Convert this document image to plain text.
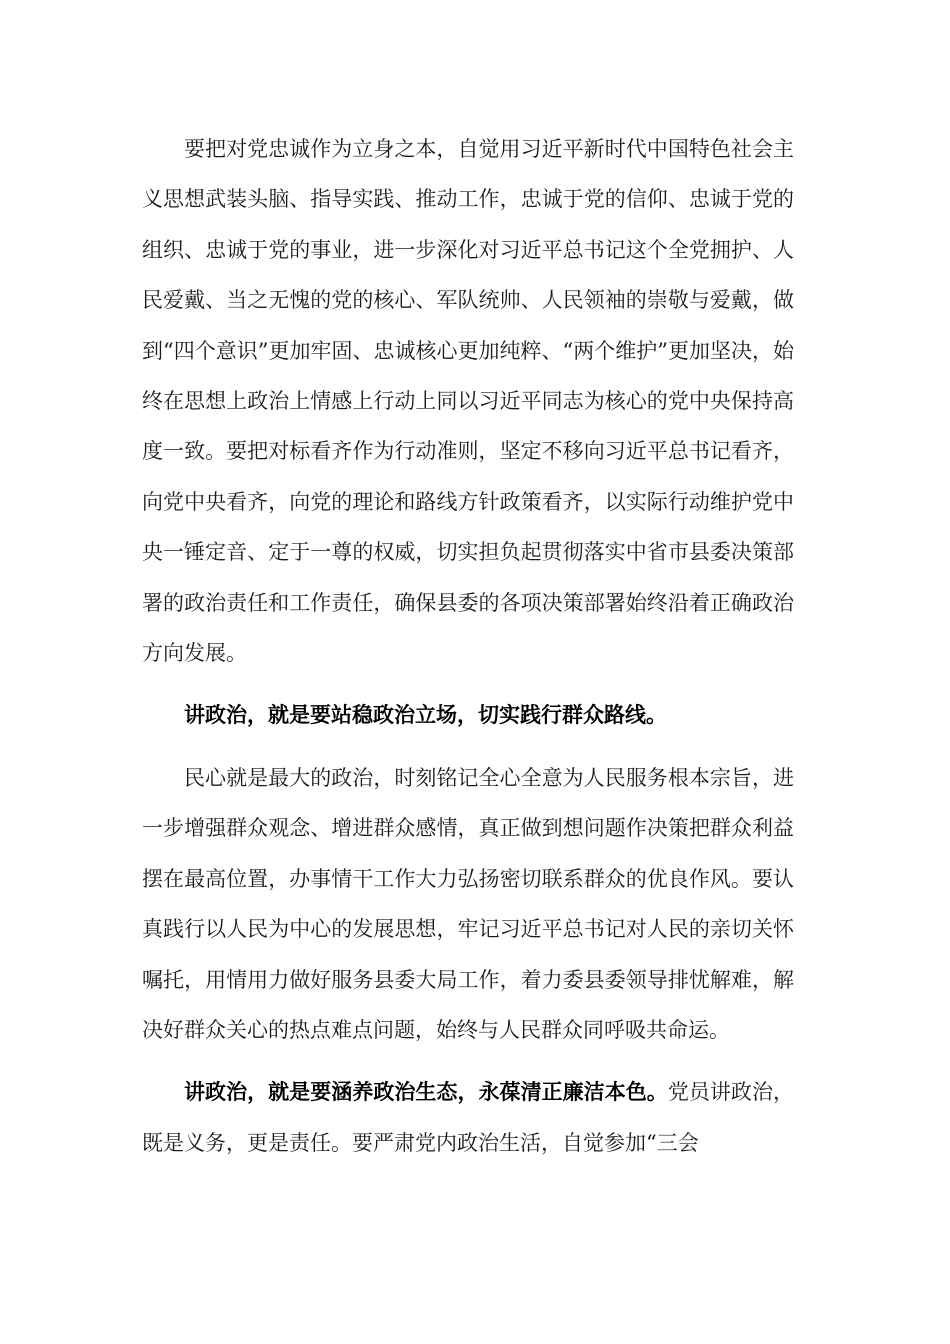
要把对党忠诚作为立身之本，自觉用习近平新时代中国特色社会主义思想武装头脑、指导实践、推动工作，忠诚于党的信仰、忠诚于党的组织、忠诚于党的事业，进一步深化对习近平总书记这个全党拥护、人民爱戴、当之无愧的党的核心、军队统帅、人民领袖的崇敬与爱戴，做到“四个意识”更加牢固、忠诚核心更加纯粹、“两个维护”更加坚决，始终在思想上政治上情感上行动上同以习近平同志为核心的党中央保持高度一致。要把对标看齐作为行动准则，坚定不移向习近平总书记看齐，向党中央看齐，向党的理论和路线方针政策看齐，以实际行动维护党中央一锤定音、定于一尊的权威，切实担负起贯彻落实中省市县委决策部署的政治责任和工作责任，确保县委的各项决策部署始终沿着正确政治方向发展。

讲政治，就是要站稳政治立场，切实践行群众路线。

民心就是最大的政治，时刻铭记全心全意为人民服务根本宗旨，进一步增强群众观念、增进群众感情，真正做到想问题作决策把群众利益摆在最高位置，办事情干工作大力弘扬密切联系群众的优良作风。要认真践行以人民为中心的发展思想，牢记习近平总书记对人民的亲切关怀嘱托，用情用力做好服务县委大局工作，着力委县委领导排忧解难，解决好群众关心的热点难点问题，始终与人民群众同呼吸共命运。

讲政治，就是要涵养政治生态，永葆清正廉洁本色。党员讲政治，既是义务，更是责任。要严肃党内政治生活，自觉参加“三会
